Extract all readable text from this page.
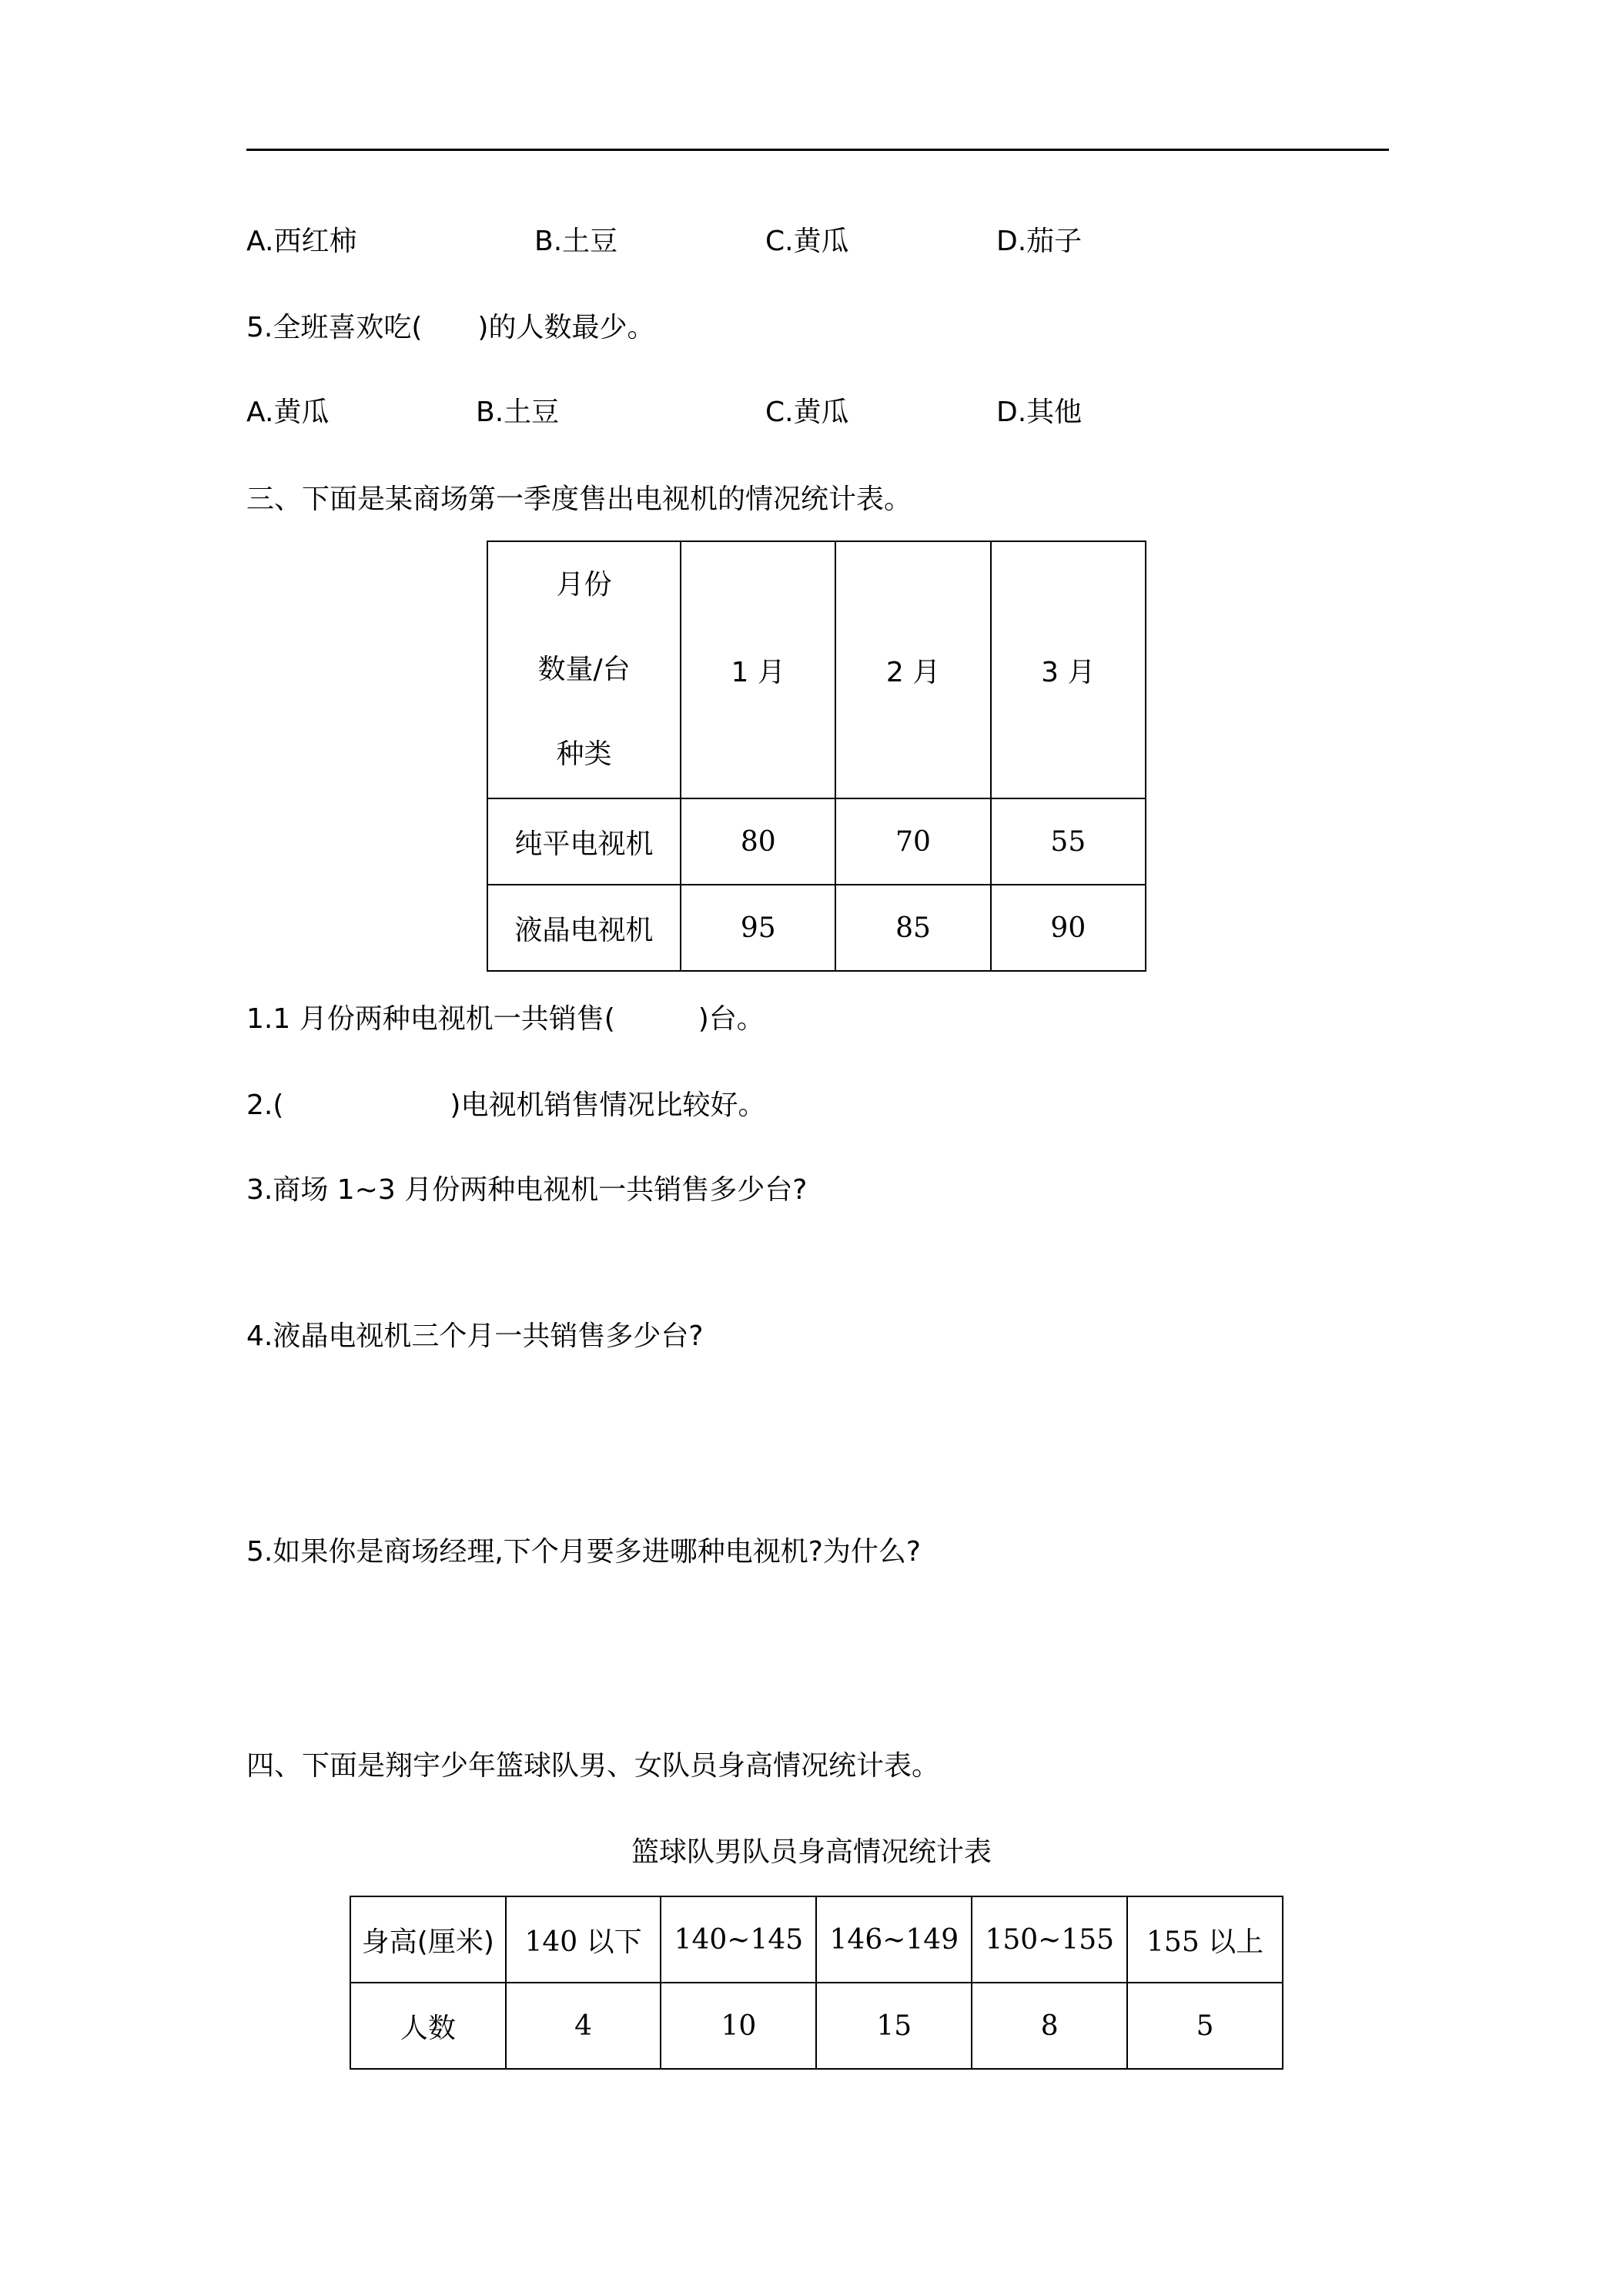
A.西红柿	B.土豆	C.黄瓜	D.茄子
5.全班喜欢吃(　　)的人数最少。
A.黄瓜	B.土豆	C.黄瓜	D.其他
三、下面是某商场第一季度售出电视机的情况统计表。
月份
数量/台
种类	1 月	2 月	3 月
纯平电视机	80	70	55
液晶电视机	95	85	90
1.1 月份两种电视机一共销售(　　　)台。
2.(　　　　　　)电视机销售情况比较好。
3.商场 1~3 月份两种电视机一共销售多少台?
4.液晶电视机三个月一共销售多少台?
5.如果你是商场经理,下个月要多进哪种电视机?为什么?
四、下面是翔宇少年篮球队男、女队员身高情况统计表。
篮球队男队员身高情况统计表
身高(厘米)	140 以下	140~145	146~149	150~155	155 以上
人数	4	10	15	8	5
